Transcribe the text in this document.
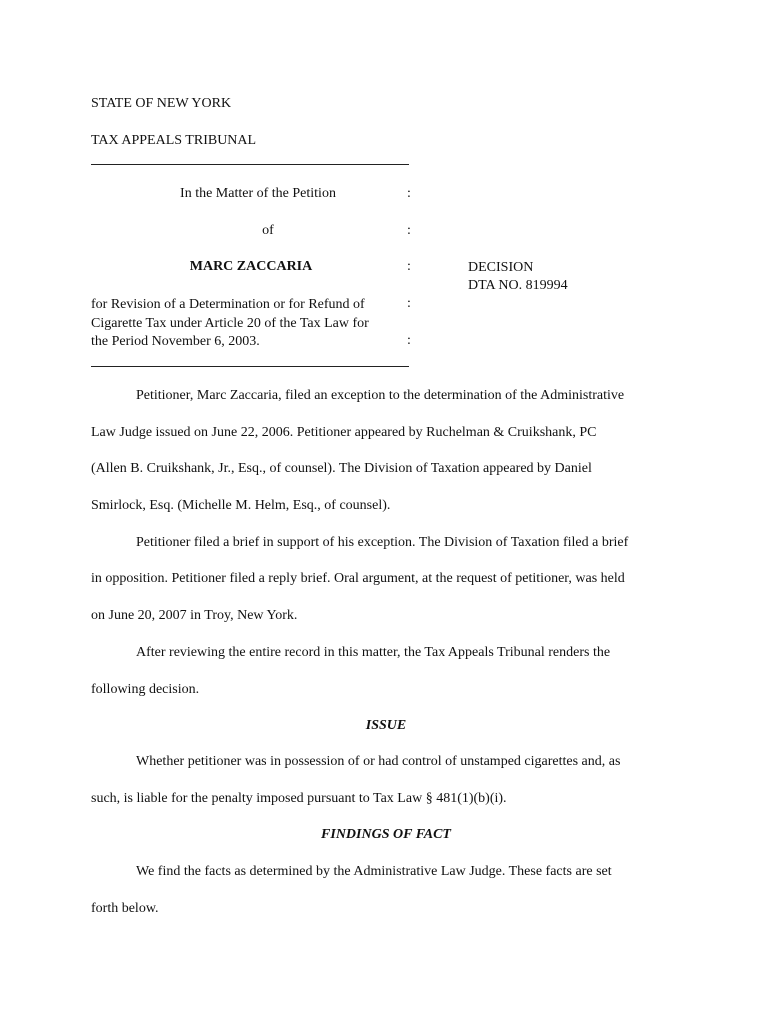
STATE OF NEW YORK
TAX APPEALS TRIBUNAL
In the Matter of the Petition	:
of	:
MARC ZACCARIA	:	DECISION
DTA NO. 819994
for Revision of a Determination or for Refund of	:
Cigarette Tax under Article 20 of the Tax Law for
the Period November 6, 2003.	:
Petitioner, Marc Zaccaria, filed an exception to the determination of the Administrative
Law Judge issued on June 22, 2006. Petitioner appeared by Ruchelman & Cruikshank, PC
(Allen B. Cruikshank, Jr., Esq., of counsel). The Division of Taxation appeared by Daniel
Smirlock, Esq. (Michelle M. Helm, Esq., of counsel).
Petitioner filed a brief in support of his exception. The Division of Taxation filed a brief
in opposition. Petitioner filed a reply brief. Oral argument, at the request of petitioner, was held
on June 20, 2007 in Troy, New York.
After reviewing the entire record in this matter, the Tax Appeals Tribunal renders the
following decision.
ISSUE
Whether petitioner was in possession of or had control of unstamped cigarettes and, as
such, is liable for the penalty imposed pursuant to Tax Law § 481(1)(b)(i).
FINDINGS OF FACT
We find the facts as determined by the Administrative Law Judge. These facts are set
forth below.
